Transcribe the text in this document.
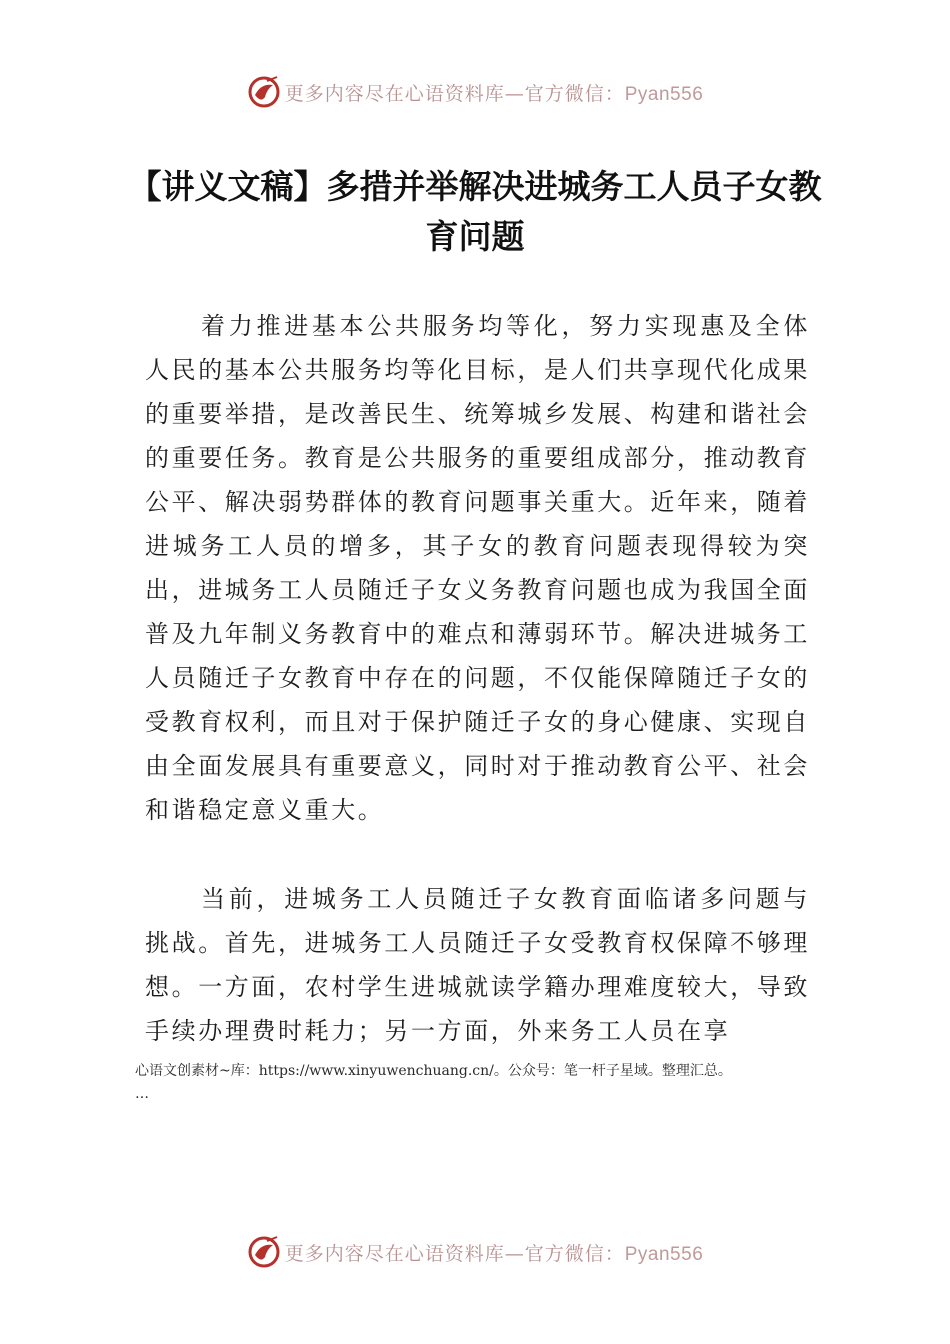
更多内容尽在心语资料库—官方微信：Pyan556
【讲义文稿】多措并举解决进城务工人员子女教育问题

着力推进基本公共服务均等化，努力实现惠及全体人民的基本公共服务均等化目标，是人们共享现代化成果的重要举措，是改善民生、统筹城乡发展、构建和谐社会的重要任务。教育是公共服务的重要组成部分，推动教育公平、解决弱势群体的教育问题事关重大。近年来，随着进城务工人员的增多，其子女的教育问题表现得较为突出，进城务工人员随迁子女义务教育问题也成为我国全面普及九年制义务教育中的难点和薄弱环节。解决进城务工人员随迁子女教育中存在的问题，不仅能保障随迁子女的受教育权利，而且对于保护随迁子女的身心健康、实现自由全面发展具有重要意义，同时对于推动教育公平、社会和谐稳定意义重大。

当前，进城务工人员随迁子女教育面临诸多问题与挑战。首先，进城务工人员随迁子女受教育权保障不够理想。一方面，农村学生进城就读学籍办理难度较大，导致手续办理费时耗力；另一方面，外来务工人员在享

心语文创素材~库：https://www.xinyuwenchuang.cn/。公众号：笔一杆子星域。整理汇总。

…

更多内容尽在心语资料库—官方微信：Pyan556
